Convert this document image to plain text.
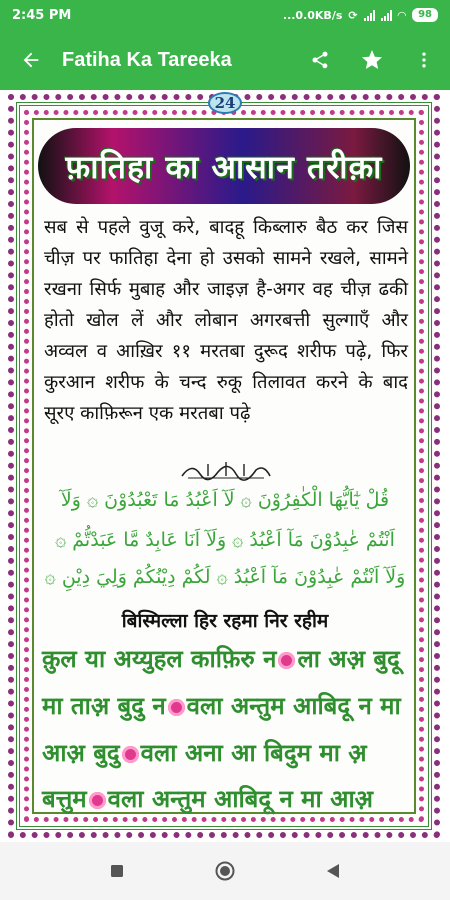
2:45 PM	...0.0KB/s ⟳	◠	98
Fatiha Ka Tareeka
24
फ़ातिहा का आसान तरीक़ा
सब से पहले वुजू करे, बादहू किब्लारु बैठ कर जिस चीज़ पर फातिहा देना हो उसको सामने रखले, सामने रखना सिर्फ मुबाह और जाइज़ है-अगर वह चीज़ ढकी होतो खोल लें और लोबान अगरबत्ती सुल्गाएँ और अव्वल व आख़िर ११ मरतबा दुरूद शरीफ पढ़े, फिर कुरआन शरीफ के चन्द रुकू तिलावत करने के बाद सूरए काफ़िरून एक मरतबा पढ़े
قُلْ يٰٓاَيُّهَا الْكٰفِرُوْنَ ۞ لَآ اَعْبُدُ مَا تَعْبُدُوْنَ ۞ وَلَآ
اَنْتُمْ عٰبِدُوْنَ مَآ اَعْبُدُ ۞ وَلَآ اَنَا عَابِدٌ مَّا عَبَدْتُّمْ ۞
وَلَآ اَنْتُمْ عٰبِدُوْنَ مَآ اَعْبُدُ ۞ لَكُمْ دِيْنُكُمْ وَلِيَ دِيْنِ ۞
बिस्मिल्ला हिर रहमा निर रहीम
क़ुल या अय्युहल काफ़िरु न ला अअ़ बुदू
मा ताअ़ बुदु न वला अन्तुम आबिदू न मा
आअ़ बुदु वला अना आ बिदुम मा अ़
बत्तुम वला अन्तुम आबिदू न मा आअ़
